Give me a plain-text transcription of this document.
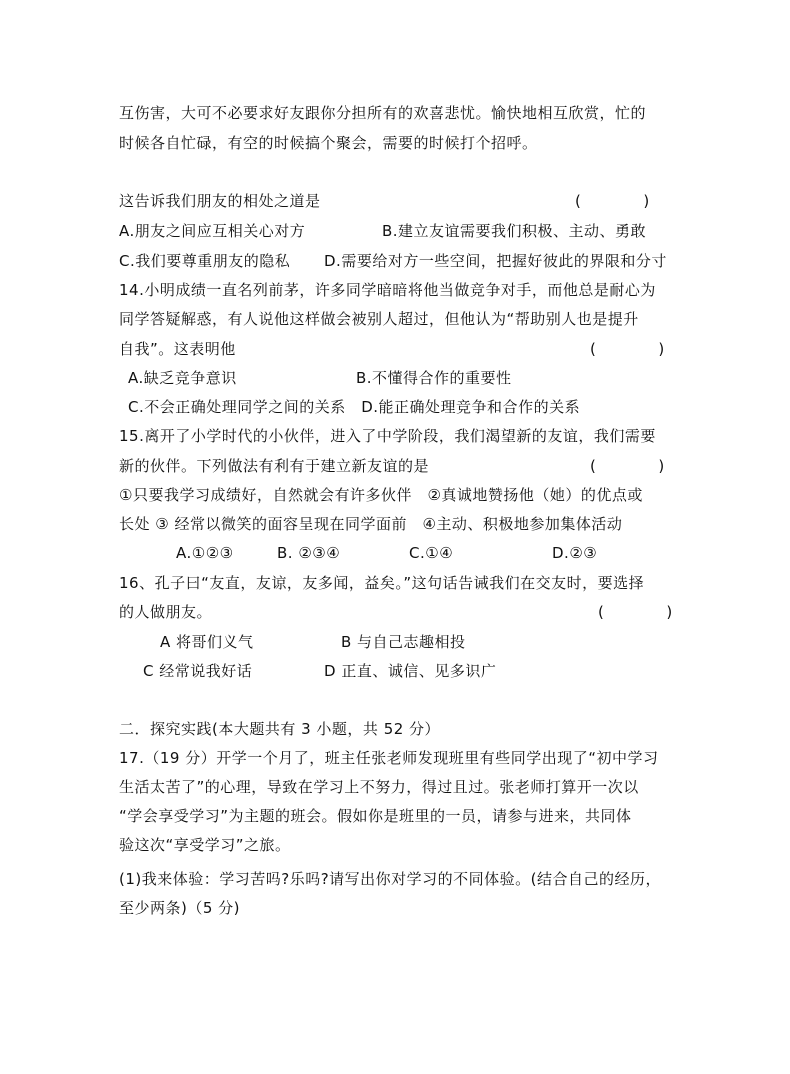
互伤害，大可不必要求好友跟你分担所有的欢喜悲忧。愉快地相互欣赏，忙的
时候各自忙碌，有空的时候搞个聚会，需要的时候打个招呼。
这告诉我们朋友的相处之道是	(　　　　)
A.朋友之间应互相关心对方	B.建立友谊需要我们积极、主动、勇敢
C.我们要尊重朋友的隐私 D.需要给对方一些空间，把握好彼此的界限和分寸
14.小明成绩一直名列前茅，许多同学暗暗将他当做竞争对手，而他总是耐心为
同学答疑解惑，有人说他这样做会被别人超过，但他认为“帮助别人也是提升
自我”。这表明他	(　　　　)
A.缺乏竞争意识	B.不懂得合作的重要性
C.不会正确处理同学之间的关系　D.能正确处理竞争和合作的关系
15.离开了小学时代的小伙伴，进入了中学阶段，我们渴望新的友谊，我们需要
新的伙伴。下列做法有利有于建立新友谊的是	(　　　　)
①只要我学习成绩好，自然就会有许多伙伴　②真诚地赞扬他（她）的优点或
长处 ③ 经常以微笑的面容呈现在同学面前　④主动、积极地参加集体活动
A.①②③	B. ②③④	C.①④	D.②③
16、孔子曰“友直，友谅，友多闻，益矣。”这句话告诫我们在交友时，要选择
的人做朋友。	(　　　　)
A 将哥们义气	B 与自己志趣相投
C 经常说我好话	D 正直、诚信、见多识广
二．探究实践(本大题共有 3 小题，共 52 分）
17.（19 分）开学一个月了，班主任张老师发现班里有些同学出现了“初中学习
生活太苦了”的心理，导致在学习上不努力，得过且过。张老师打算开一次以
“学会享受学习”为主题的班会。假如你是班里的一员，请参与进来，共同体
验这次“享受学习”之旅。
(1)我来体验：学习苦吗?乐吗?请写出你对学习的不同体验。(结合自己的经历，
至少两条)（5 分)
